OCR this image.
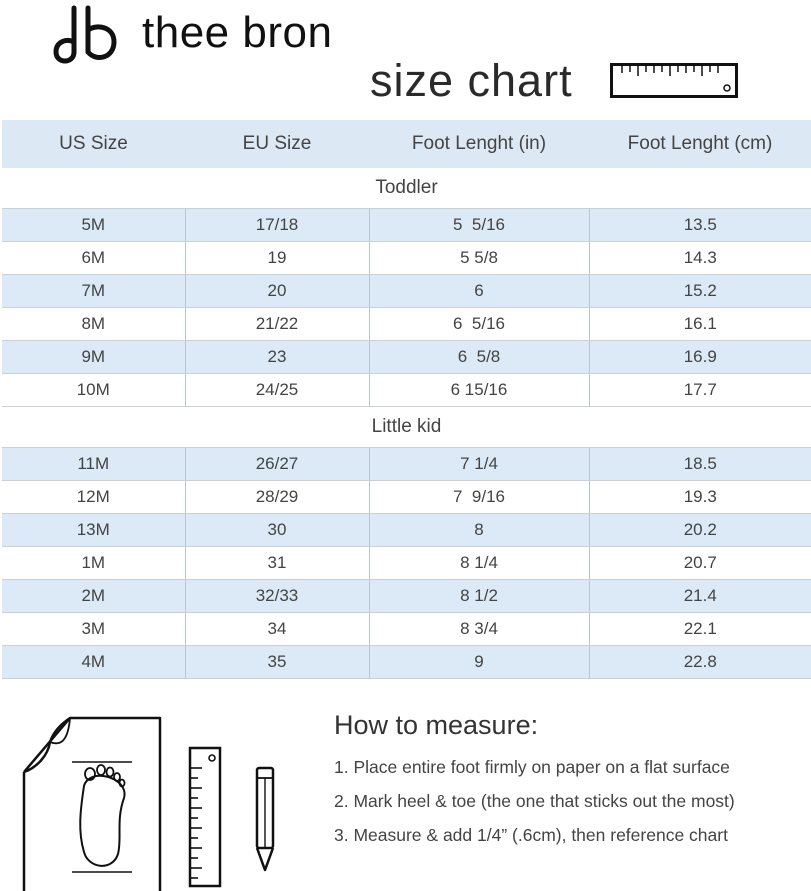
thee bron
size chart
US Size	EU Size	Foot Lenght (in)	Foot Lenght (cm)
Toddler			
5M	17/18	5  5/16	13.5
6M	19	5 5/8	14.3
7M	20	6	15.2
8M	21/22	6  5/16	16.1
9M	23	6  5/8	16.9
10M	24/25	6 15/16	17.7
Little kid			
11M	26/27	7 1/4	18.5
12M	28/29	7  9/16	19.3
13M	30	8	20.2
1M	31	8 1/4	20.7
2M	32/33	8 1/2	21.4
3M	34	8 3/4	22.1
4M	35	9	22.8
How to measure:
1. Place entire foot firmly on paper on a flat surface
2. Mark heel & toe (the one that sticks out the most)
3. Measure & add 1/4” (.6cm), then reference chart
